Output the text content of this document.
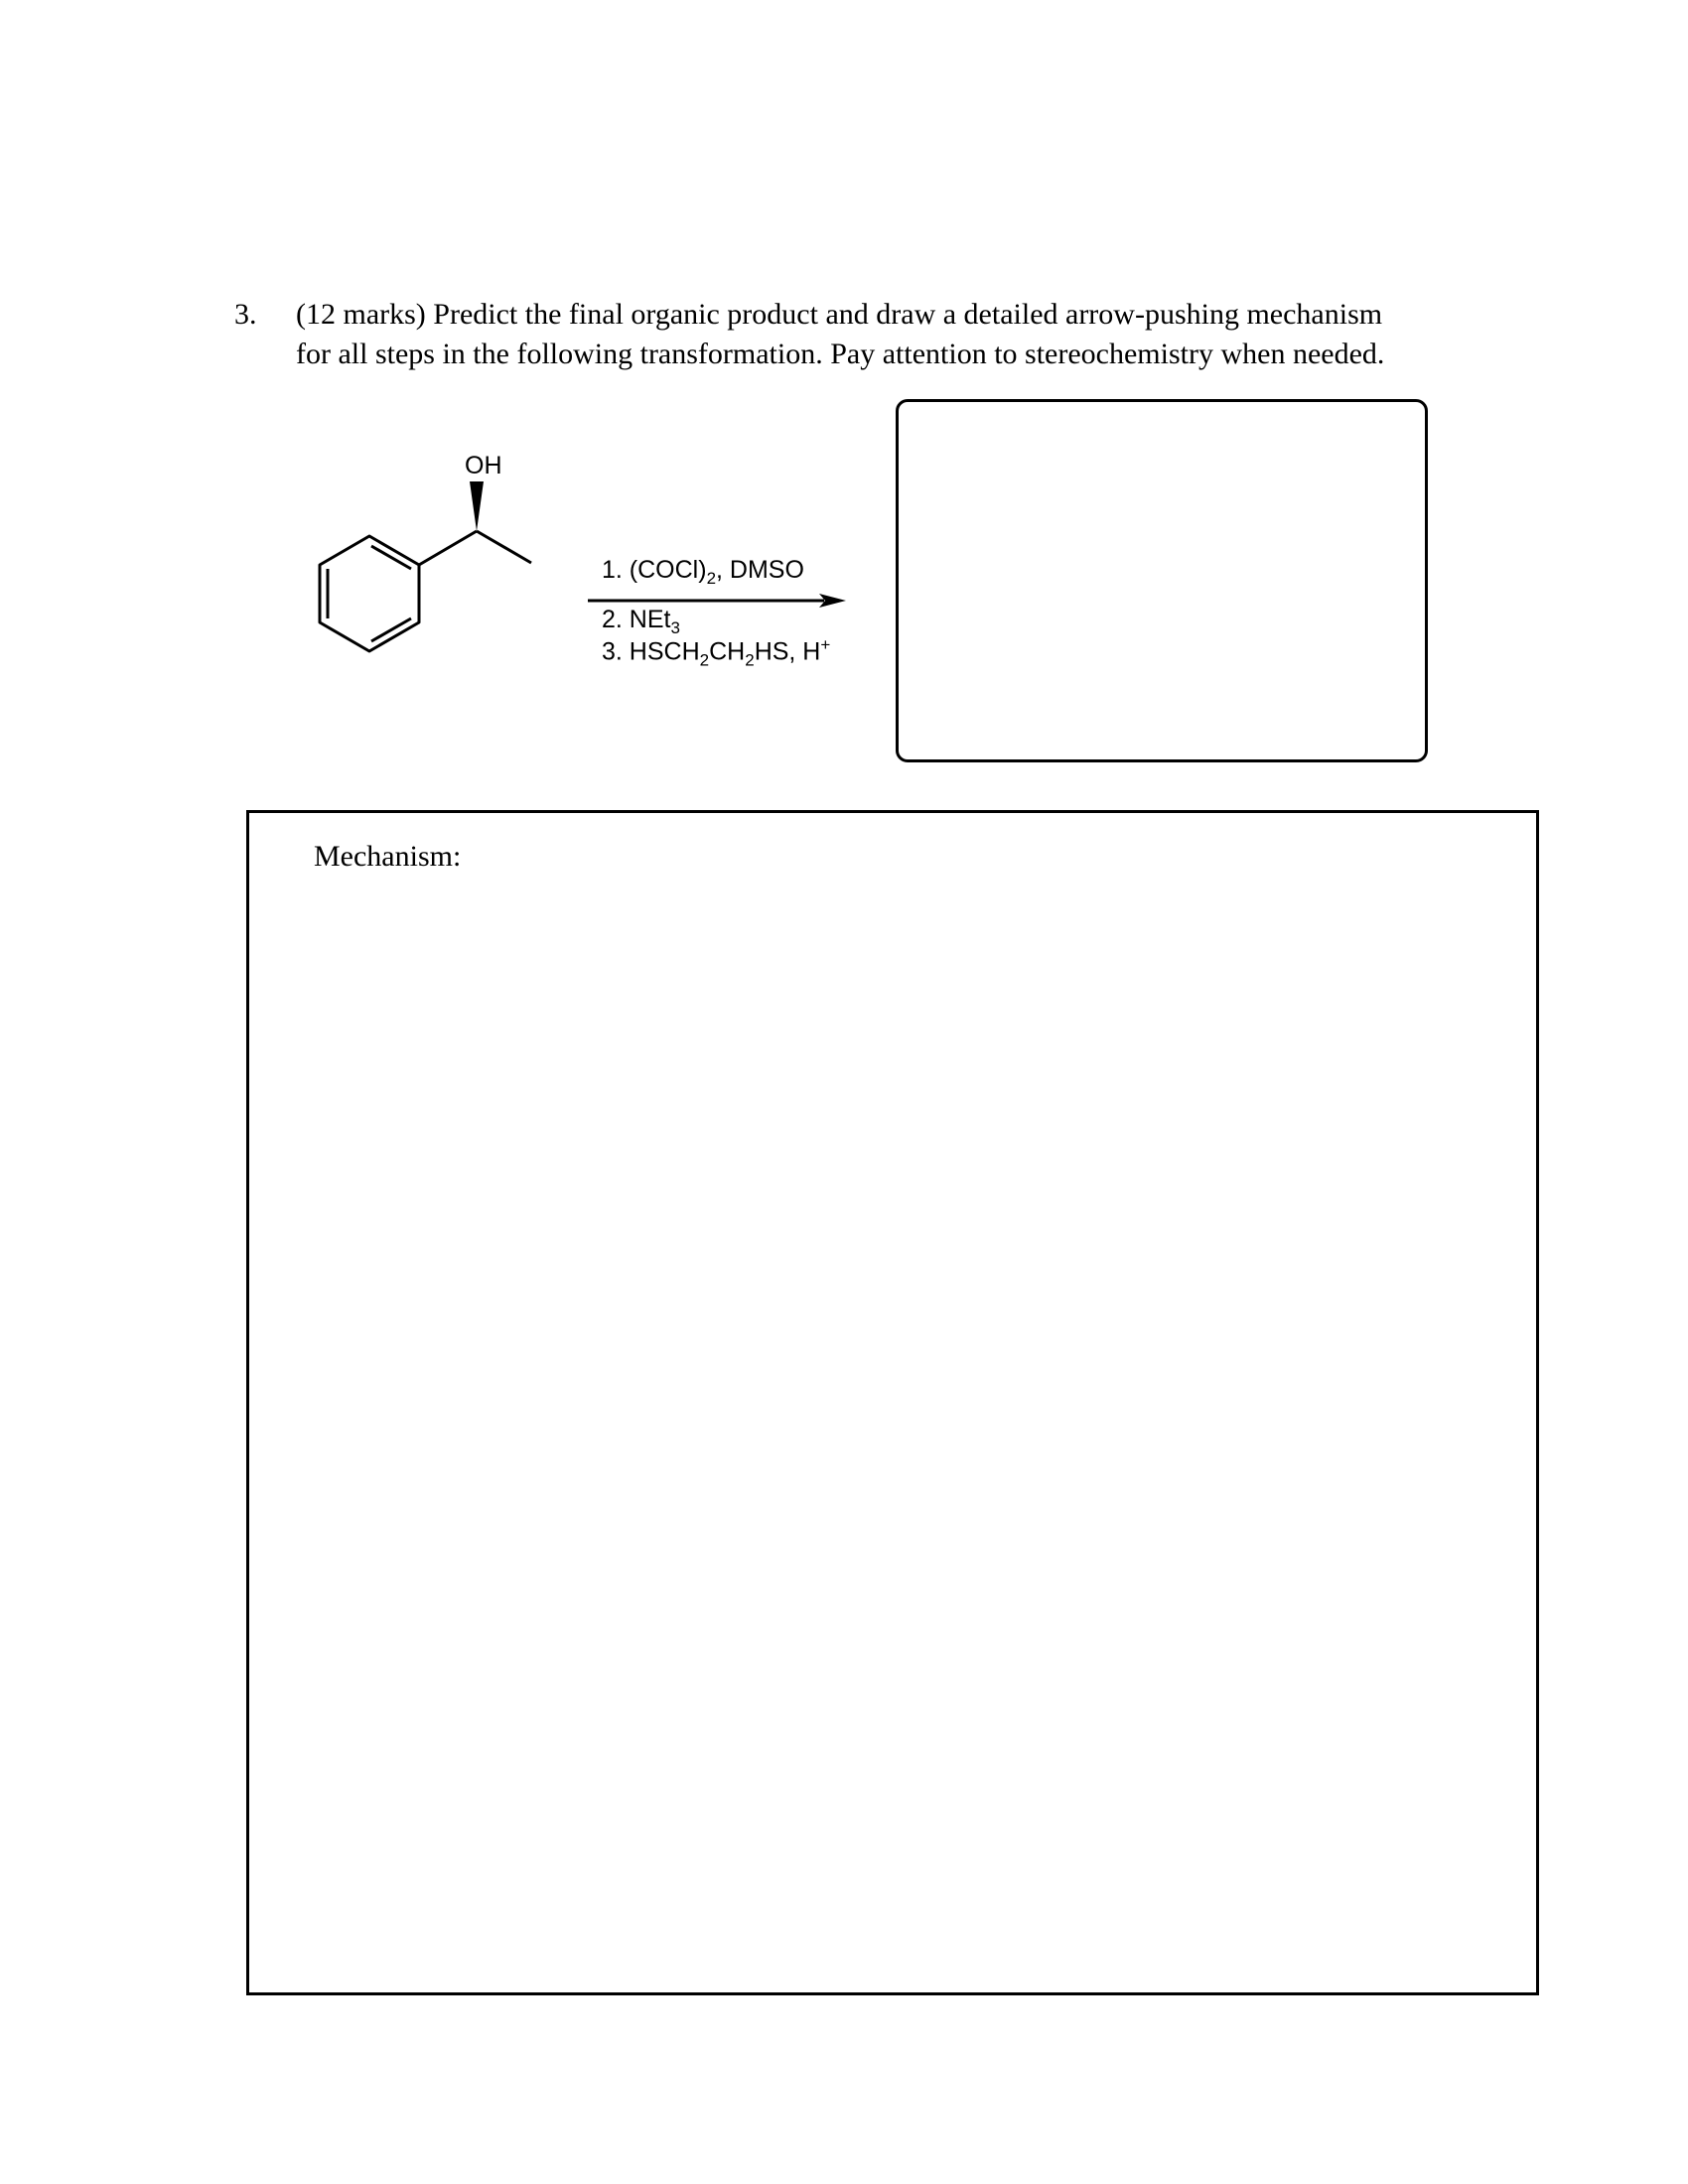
3. (12 marks) Predict the final organic product and draw a detailed arrow-pushing mechanism
for all steps in the following transformation. Pay attention to stereochemistry when needed.
OH
1. $(COCl)_2$, DMSO
2. NEt$_3$
3. $HSCH_2CH_2HS$, H+
Mechanism:
